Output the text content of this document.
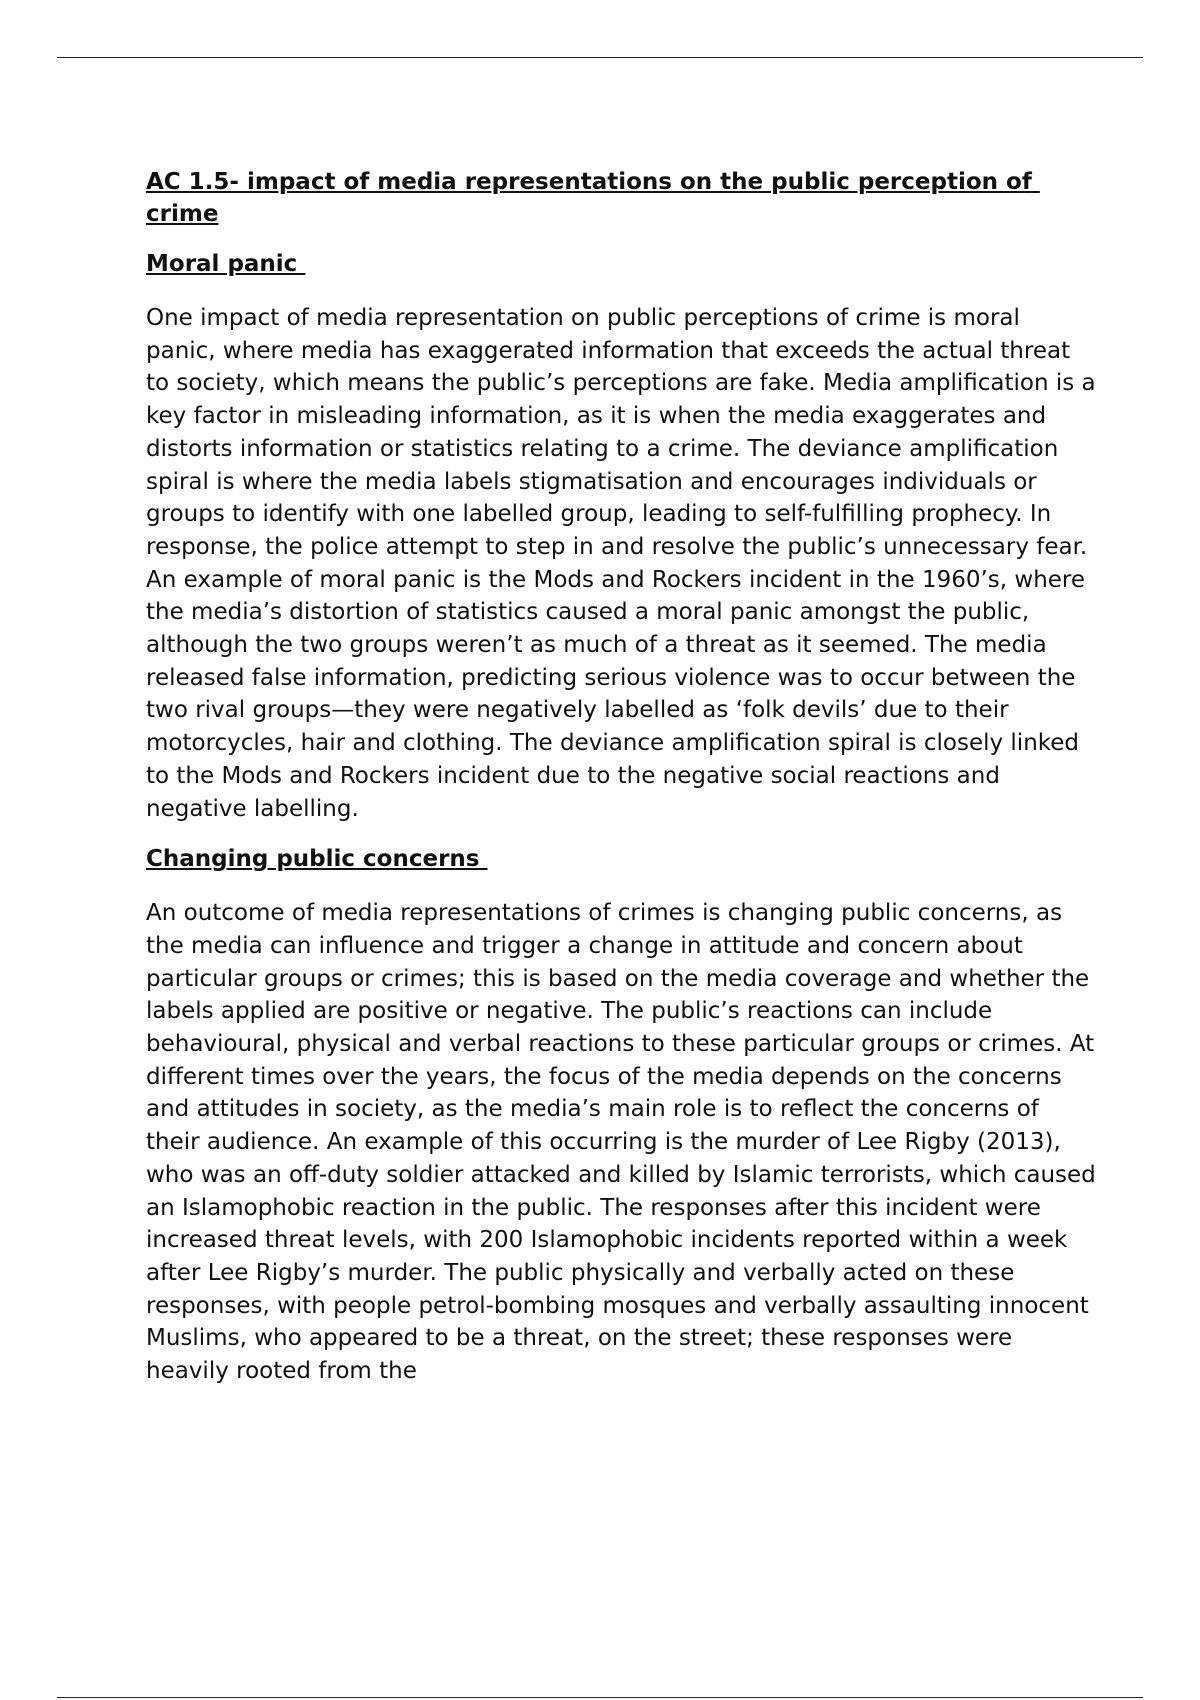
AC 1.5- impact of media representations on the public perception of crime
Moral panic

One impact of media representation on public perceptions of crime is moral panic, where media has exaggerated information that exceeds the actual threat to society, which means the public’s perceptions are fake. Media amplification is a key factor in misleading information, as it is when the media exaggerates and distorts information or statistics relating to a crime. The deviance amplification spiral is where the media labels stigmatisation and encourages individuals or groups to identify with one labelled group, leading to self-fulfilling prophecy. In response, the police attempt to step in and resolve the public’s unnecessary fear. An example of moral panic is the Mods and Rockers incident in the 1960’s, where the media’s distortion of statistics caused a moral panic amongst the public, although the two groups weren’t as much of a threat as it seemed. The media released false information, predicting serious violence was to occur between the two rival groups—they were negatively labelled as ‘folk devils’ due to their motorcycles, hair and clothing. The deviance amplification spiral is closely linked to the Mods and Rockers incident due to the negative social reactions and negative labelling.

Changing public concerns

An outcome of media representations of crimes is changing public concerns, as the media can influence and trigger a change in attitude and concern about particular groups or crimes; this is based on the media coverage and whether the labels applied are positive or negative. The public’s reactions can include behavioural, physical and verbal reactions to these particular groups or crimes. At different times over the years, the focus of the media depends on the concerns and attitudes in society, as the media’s main role is to reflect the concerns of their audience. An example of this occurring is the murder of Lee Rigby (2013), who was an off-duty soldier attacked and killed by Islamic terrorists, which caused an Islamophobic reaction in the public. The responses after this incident were increased threat levels, with 200 Islamophobic incidents reported within a week after Lee Rigby’s murder. The public physically and verbally acted on these responses, with people petrol-bombing mosques and verbally assaulting innocent Muslims, who appeared to be a threat, on the street; these responses were heavily rooted from the
